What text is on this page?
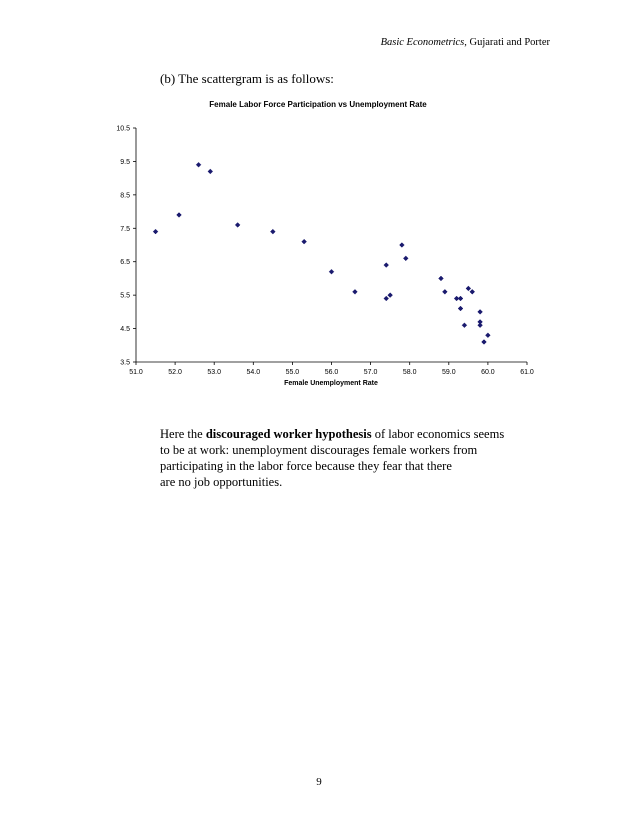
Basic Econometrics, Gujarati and Porter
(b) The scattergram is as follows:
Female Labor Force Participation vs Unemployment Rate
3.5
4.5
5.5
6.5
7.5
8.5
9.5
10.5
51.0	52.0	53.0	54.0	55.0	56.0	57.0	58.0	59.0	60.0	61.0
Female Unemployment Rate
Here the discouraged worker hypothesis of labor economics seems
to be at work: unemployment discourages female workers from
participating in the labor force because they fear that there
are no job opportunities.
9
